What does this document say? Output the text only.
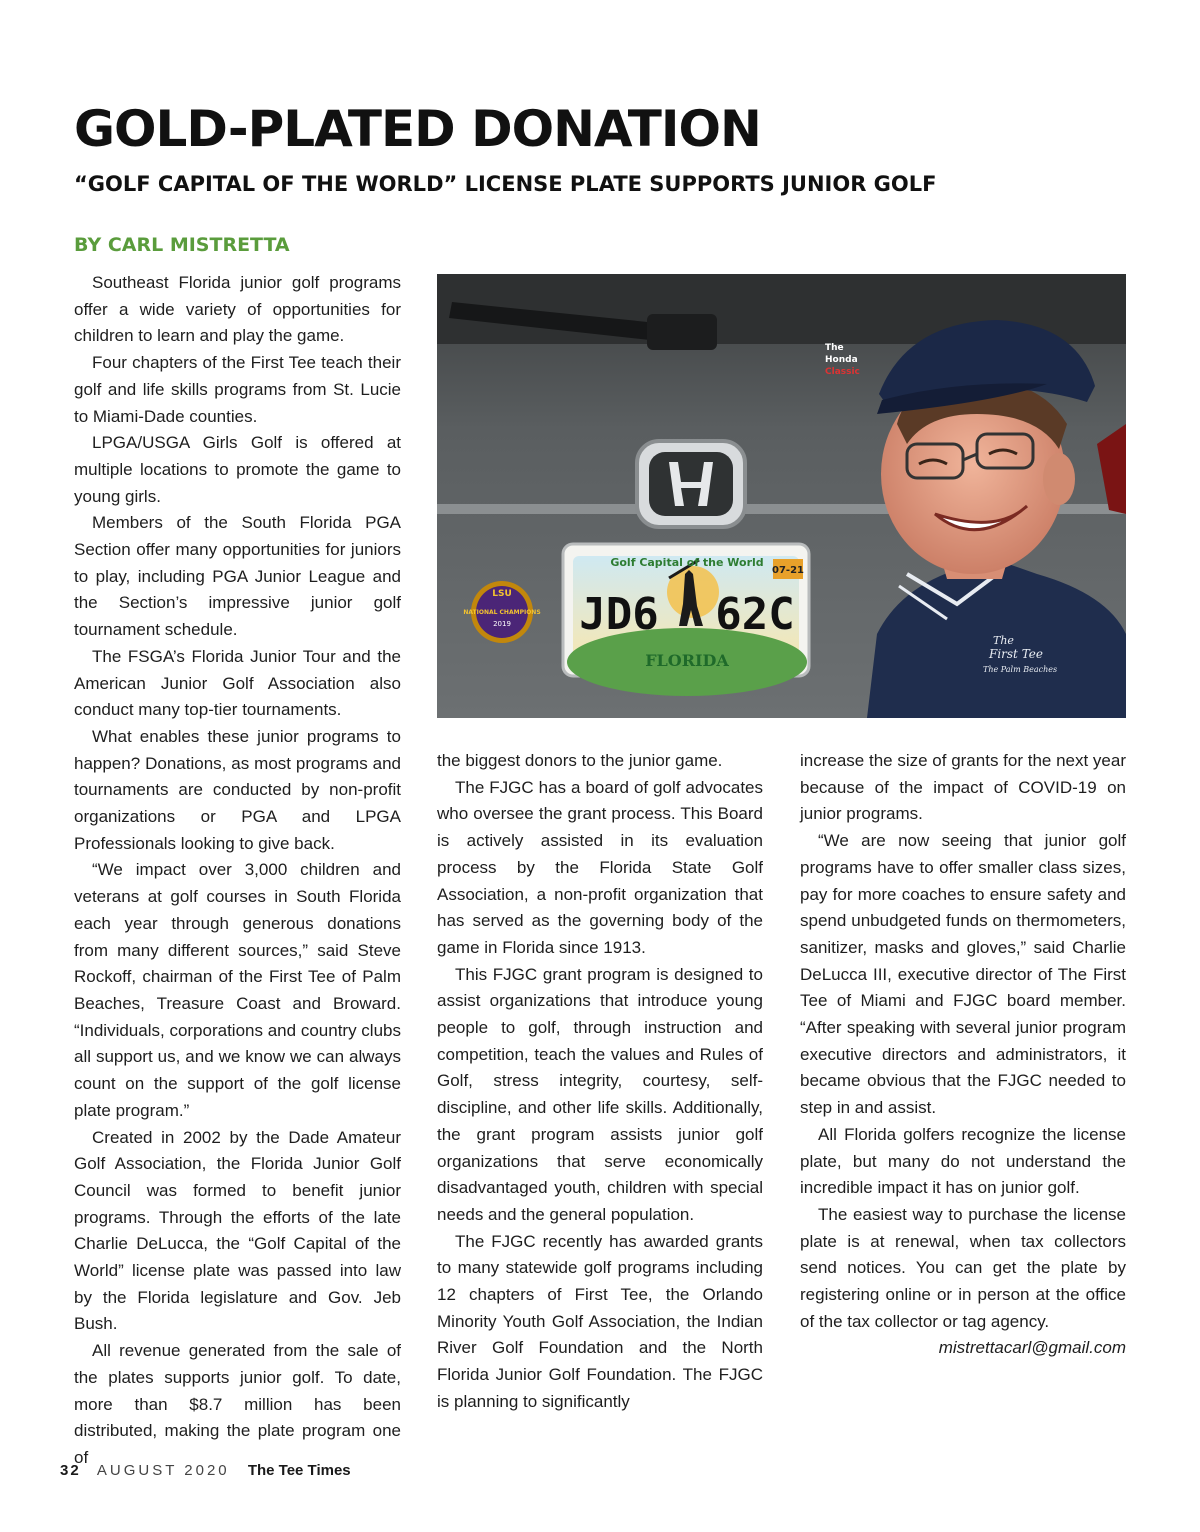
GOLD-PLATED DONATION
“GOLF CAPITAL OF THE WORLD” LICENSE PLATE SUPPORTS JUNIOR GOLF
BY CARL MISTRETTA

Southeast Florida junior golf programs offer a wide variety of opportunities for children to learn and play the game.

Four chapters of the First Tee teach their golf and life skills programs from St. Lucie to Miami-Dade counties.

LPGA/USGA Girls Golf is offered at multiple locations to promote the game to young girls.

Members of the South Florida PGA Section offer many opportunities for juniors to play, including PGA Junior League and the Section’s impressive junior golf tournament schedule.

The FSGA’s Florida Junior Tour and the American Junior Golf Association also conduct many top-tier tournaments.

What enables these junior programs to happen? Donations, as most programs and tournaments are conducted by non-profit organizations or PGA and LPGA Professionals looking to give back.

“We impact over 3,000 children and veterans at golf courses in South Florida each year through generous donations from many different sources,” said Steve Rockoff, chairman of the First Tee of Palm Beaches, Treasure Coast and Broward. “Individuals, corporations and country clubs all support us, and we know we can always count on the support of the golf license plate program.”

Created in 2002 by the Dade Amateur Golf Association, the Florida Junior Golf Council was formed to benefit junior programs. Through the efforts of the late Charlie DeLucca, the “Golf Capital of the World” license plate was passed into law by the Florida legislature and Gov. Jeb Bush.

All revenue generated from the sale of the plates supports junior golf. To date, more than $8.7 million has been distributed, making the plate program one of

07-21
Golf Capital of the World
JD6 62C
FLORIDA
LSU
NATIONAL CHAMPIONS
2019
The
Honda
Classic
The
First Tee
The Palm Beaches

the biggest donors to the junior game.

The FJGC has a board of golf advocates who oversee the grant process. This Board is actively assisted in its evaluation process by the Florida State Golf Association, a non-profit organization that has served as the governing body of the game in Florida since 1913.

This FJGC grant program is designed to assist organizations that introduce young people to golf, through instruction and competition, teach the values and Rules of Golf, stress integrity, courtesy, self-discipline, and other life skills. Additionally, the grant program assists junior golf organizations that serve economically disadvantaged youth, children with special needs and the general population.

The FJGC recently has awarded grants to many statewide golf programs including 12 chapters of First Tee, the Orlando Minority Youth Golf Association, the Indian River Golf Foundation and the North Florida Junior Golf Foundation. The FJGC is planning to significantly

increase the size of grants for the next year because of the impact of COVID-19 on junior programs.

“We are now seeing that junior golf programs have to offer smaller class sizes, pay for more coaches to ensure safety and spend unbudgeted funds on thermometers, sanitizer, masks and gloves,” said Charlie DeLucca III, executive director of The First Tee of Miami and FJGC board member. “After speaking with several junior program executive directors and administrators, it became obvious that the FJGC needed to step in and assist.

All Florida golfers recognize the license plate, but many do not understand the incredible impact it has on junior golf.

The easiest way to purchase the license plate is at renewal, when tax collectors send notices. You can get the plate by registering online or in person at the office of the tax collector or tag agency.

mistrettacarl@gmail.com

32 AUGUST 2020 The Tee Times
